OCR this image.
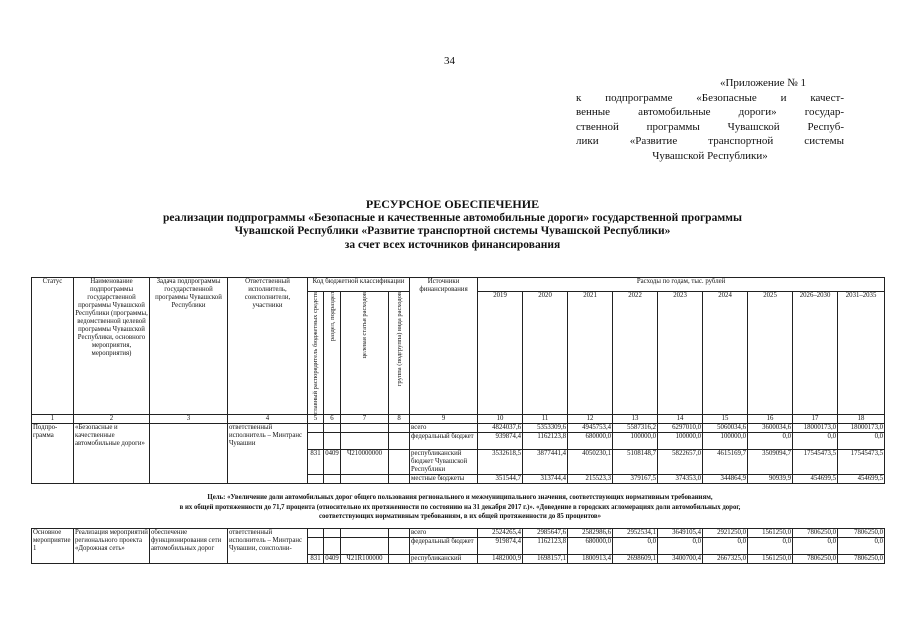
34
«Приложение № 1
к подпрограмме «Безопасные и качест-
венные автомобильные дороги» государ-
ственной программы Чувашской Респуб-
лики «Развитие транспортной системы
Чувашской Республики»
РЕСУРСНОЕ ОБЕСПЕЧЕНИЕ
реализации подпрограммы «Безопасные и качественные автомобильные дороги» государственной программы
Чувашской Республики «Развитие транспортной системы Чувашской Республики»
за счет всех источников финансирования
Статус	Наименование подпрограммы государственной программы Чувашской Республики (программы, ведомственной целевой программы Чувашской Республики, основного мероприятия, мероприятия)	Задача подпрограммы государственной программы Чувашской Республики	Ответственный исполнитель, соисполнители, участники	Код бюджетной классификации				Источники финансирования	Расходы по годам, тыс. рублей								

				главный распорядитель бюджетных средств	раздел, подраздел	целевая статья расходов	группа (подгруппа) вида расходов		2019	2020	2021	2022	2023	2024	2025	2026–2030	2031–2035
1	2	3	4	5	6	7	8	9	10	11	12	13	14	15	16	17	18
Подпро-грамма	«Безопасные и качественные автомобильные дороги»		ответственный исполнитель – Минтранс Чувашии					всего	4824037,6	5353309,6	4945753,4	5587316,2	6297010,0	5060034,6	3600034,6	18000173,0	18000173,0
								федеральный бюджет	939874,4	1162123,8	680000,0	100000,0	100000,0	100000,0	0,0	0,0	0,0
				831	0409	Ч210000000		республиканский бюджет Чувашской Республики	3532618,5	3877441,4	4050230,1	5108148,7	5822657,0	4615169,7	3509094,7	17545473,5	17545473,5
								местные бюджеты	351544,7	313744,4	215523,3	379167,5	374353,0	344864,9	90939,9	454699,5	454699,5
Цель: «Увеличение доли автомобильных дорог общего пользования регионального и межмуниципального значения, соответствующих нормативным требованиям,
в их общей протяженности до 71,7 процента (относительно их протяженности по состоянию на 31 декабря 2017 г.)». «Доведение в городских агломерациях доли автомобильных дорог,
соответствующих нормативным требованиям, в их общей протяженности до 85 процентов»
Основное мероприятие 1	Реализация мероприятий регионального проекта «Дорожная сеть»	обеспечение функционирования сети автомобильных дорог	ответственный исполнитель – Минтранс Чувашии, соисполни-					всего	2524265,4	2985647,6	2582986,6	2952534,1	3649105,4	2921250,0	1561250,0	7806250,0	7806250,0
								федеральный бюджет	919874,4	1162123,8	680000,0	0,0	0,0	0,0	0,0	0,0	0,0
				831	0409	Ч21R100000		республиканский	1482000,9	1698157,1	1800913,4	2698609,1	3400700,4	2667325,0	1561250,0	7806250,0	7806250,0
